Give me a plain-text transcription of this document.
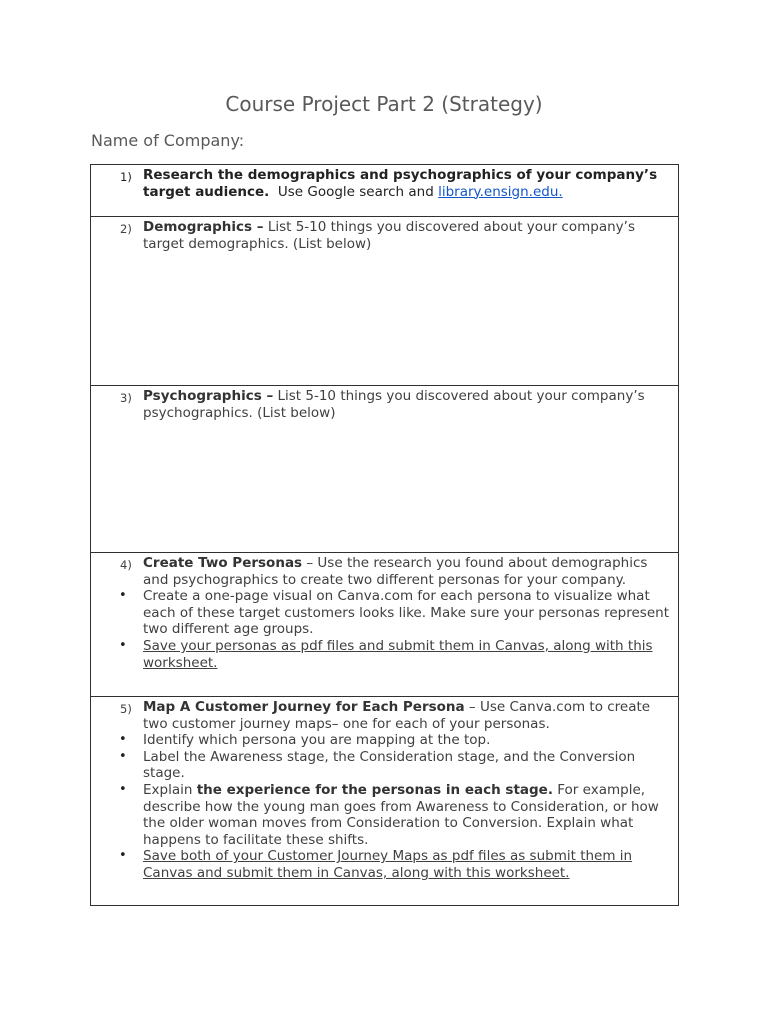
Course Project Part 2 (Strategy)
Name of Company:
1) Research the demographics and psychographics of your company’s target audience.  Use Google search and library.ensign.edu.

2) Demographics – List 5-10 things you discovered about your company’s target demographics. (List below)

3) Psychographics – List 5-10 things you discovered about your company’s psychographics. (List below)

4) Create Two Personas – Use the research you found about demographics and psychographics to create two different personas for your company.

• Create a one-page visual on Canva.com for each persona to visualize what each of these target customers looks like. Make sure your personas represent two different age groups.
• Save your personas as pdf files and submit them in Canvas, along with this worksheet.

5) Map A Customer Journey for Each Persona – Use Canva.com to create two customer journey maps– one for each of your personas.

• Identify which persona you are mapping at the top.
• Label the Awareness stage, the Consideration stage, and the Conversion stage.
• Explain the experience for the personas in each stage. For example, describe how the young man goes from Awareness to Consideration, or how the older woman moves from Consideration to Conversion. Explain what happens to facilitate these shifts.
• Save both of your Customer Journey Maps as pdf files as submit them in Canvas and submit them in Canvas, along with this worksheet.
